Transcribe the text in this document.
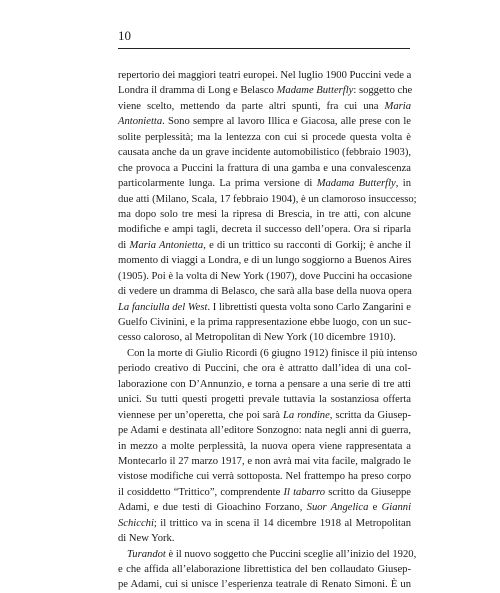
10
repertorio dei maggiori teatri europei. Nel luglio 1900 Puccini vede a
Londra il dramma di Long e Belasco Madame Butterfly: soggetto che
viene scelto, mettendo da parte altri spunti, fra cui una Maria
Antonietta. Sono sempre al lavoro Illica e Giacosa, alle prese con le
solite perplessità; ma la lentezza con cui si procede questa volta è
causata anche da un grave incidente automobilistico (febbraio 1903),
che provoca a Puccini la frattura di una gamba e una convalescenza
particolarmente lunga. La prima versione di Madama Butterfly, in
due atti (Milano, Scala, 17 febbraio 1904), è un clamoroso insuccesso;
ma dopo solo tre mesi la ripresa di Brescia, in tre atti, con alcune
modifiche e ampi tagli, decreta il successo dell’opera. Ora si riparla
di Maria Antonietta, e di un trittico su racconti di Gorkij; è anche il
momento di viaggi a Londra, e di un lungo soggiorno a Buenos Aires
(1905). Poi è la volta di New York (1907), dove Puccini ha occasione
di vedere un dramma di Belasco, che sarà alla base della nuova opera
La fanciulla del West. I librettisti questa volta sono Carlo Zangarini e
Guelfo Civinini, e la prima rappresentazione ebbe luogo, con un suc-
cesso caloroso, al Metropolitan di New York (10 dicembre 1910).
Con la morte di Giulio Ricordi (6 giugno 1912) finisce il più intenso
periodo creativo di Puccini, che ora è attratto dall’idea di una col-
laborazione con D’Annunzio, e torna a pensare a una serie di tre atti
unici. Su tutti questi progetti prevale tuttavia la sostanziosa offerta
viennese per un’operetta, che poi sarà La rondine, scritta da Giusep-
pe Adami e destinata all’editore Sonzogno: nata negli anni di guerra,
in mezzo a molte perplessità, la nuova opera viene rappresentata a
Montecarlo il 27 marzo 1917, e non avrà mai vita facile, malgrado le
vistose modifiche cui verrà sottoposta. Nel frattempo ha preso corpo
il cosiddetto “Trittico”, comprendente Il tabarro scritto da Giuseppe
Adami, e due testi di Gioachino Forzano, Suor Angelica e Gianni
Schicchi; il trittico va in scena il 14 dicembre 1918 al Metropolitan
di New York.
Turandot è il nuovo soggetto che Puccini sceglie all’inizio del 1920,
e che affida all’elaborazione librettistica del ben collaudato Giusep-
pe Adami, cui si unisce l’esperienza teatrale di Renato Simoni. È un
